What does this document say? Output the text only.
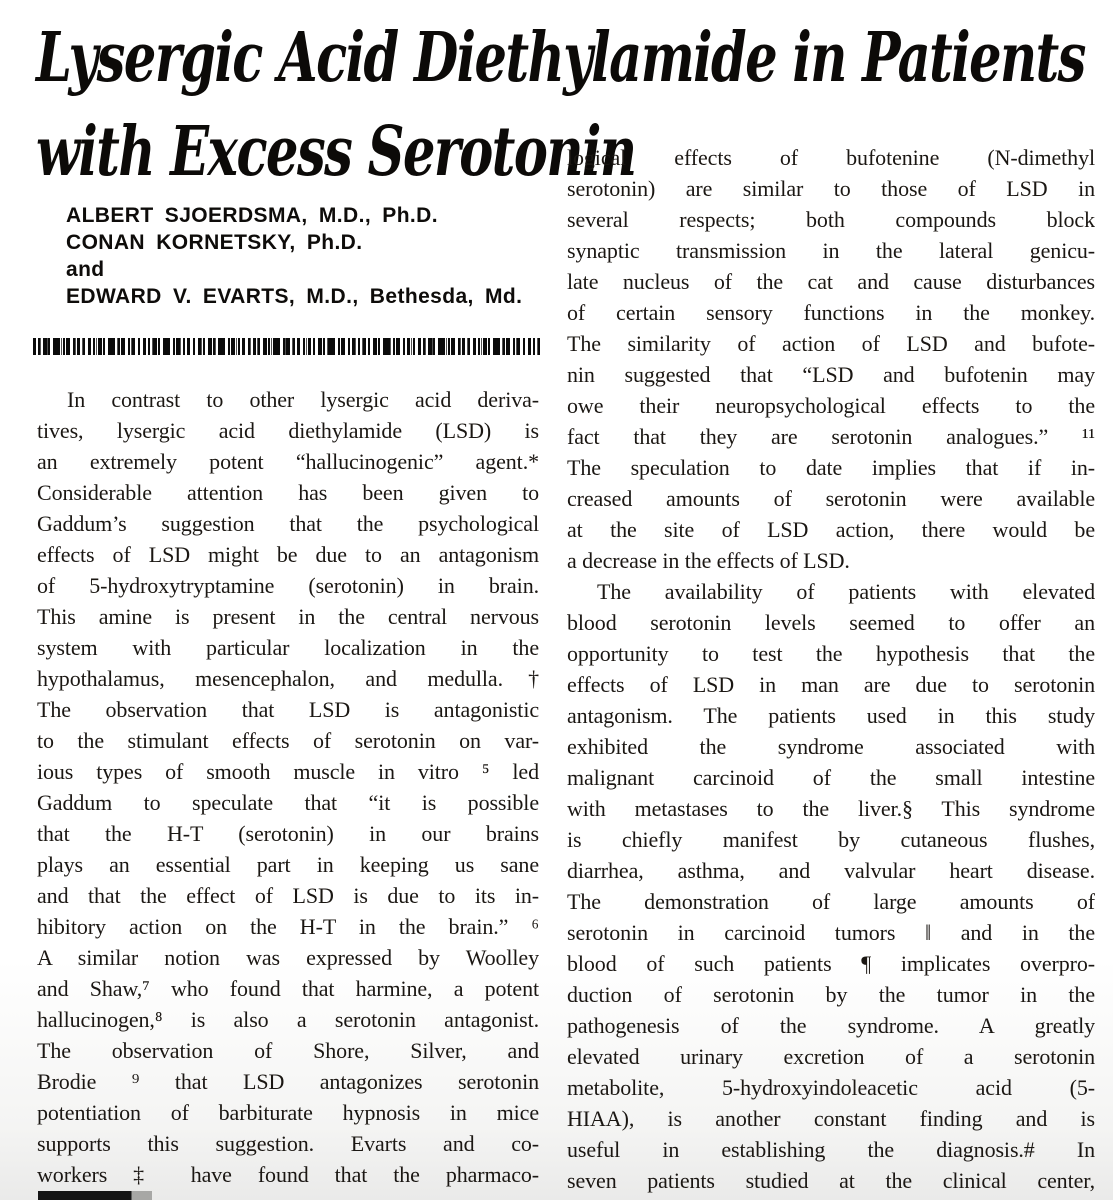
Lysergic Acid Diethylamide in Patients
with Excess Serotonin
ALBERT SJOERDSMA, M.D., Ph.D.
CONAN KORNETSKY, Ph.D.
and
EDWARD V. EVARTS, M.D., Bethesda, Md.
In contrast to other lysergic acid deriva-
tives, lysergic acid diethylamide (LSD) is
an extremely potent “hallucinogenic” agent.*
Considerable attention has been given to
Gaddum’s suggestion that the psychological
effects of LSD might be due to an antagonism
of 5-hydroxytryptamine (serotonin) in brain.
This amine is present in the central nervous
system with particular localization in the
hypothalamus, mesencephalon, and medulla.†
The observation that LSD is antagonistic
to the stimulant effects of serotonin on var-
ious types of smooth muscle in vitro ⁵ led
Gaddum to speculate that “it is possible
that the H-T (serotonin) in our brains
plays an essential part in keeping us sane
and that the effect of LSD is due to its in-
hibitory action on the H-T in the brain.” ⁶
A similar notion was expressed by Woolley
and Shaw,⁷ who found that harmine, a potent
hallucinogen,⁸ is also a serotonin antagonist.
The observation of Shore, Silver, and
Brodie ⁹ that LSD antagonizes serotonin
potentiation of barbiturate hypnosis in mice
supports this suggestion. Evarts and co-
workers ‡ have found that the pharmaco-
logical effects of bufotenine (N-dimethyl
serotonin) are similar to those of LSD in
several respects; both compounds block
synaptic transmission in the lateral genicu-
late nucleus of the cat and cause disturbances
of certain sensory functions in the monkey.
The similarity of action of LSD and bufote-
nin suggested that “LSD and bufotenin may
owe their neuropsychological effects to the
fact that they are serotonin analogues.” ¹¹
The speculation to date implies that if in-
creased amounts of serotonin were available
at the site of LSD action, there would be
a decrease in the effects of LSD.
The availability of patients with elevated
blood serotonin levels seemed to offer an
opportunity to test the hypothesis that the
effects of LSD in man are due to serotonin
antagonism. The patients used in this study
exhibited the syndrome associated with
malignant carcinoid of the small intestine
with metastases to the liver.§ This syndrome
is chiefly manifest by cutaneous flushes,
diarrhea, asthma, and valvular heart disease.
The demonstration of large amounts of
serotonin in carcinoid tumors ‖ and in the
blood of such patients ¶ implicates overpro-
duction of serotonin by the tumor in the
pathogenesis of the syndrome. A greatly
elevated urinary excretion of a serotonin
metabolite, 5-hydroxyindoleacetic acid (5-
HIAA), is another constant finding and is
useful in establishing the diagnosis.# In
seven patients studied at the clinical center,
